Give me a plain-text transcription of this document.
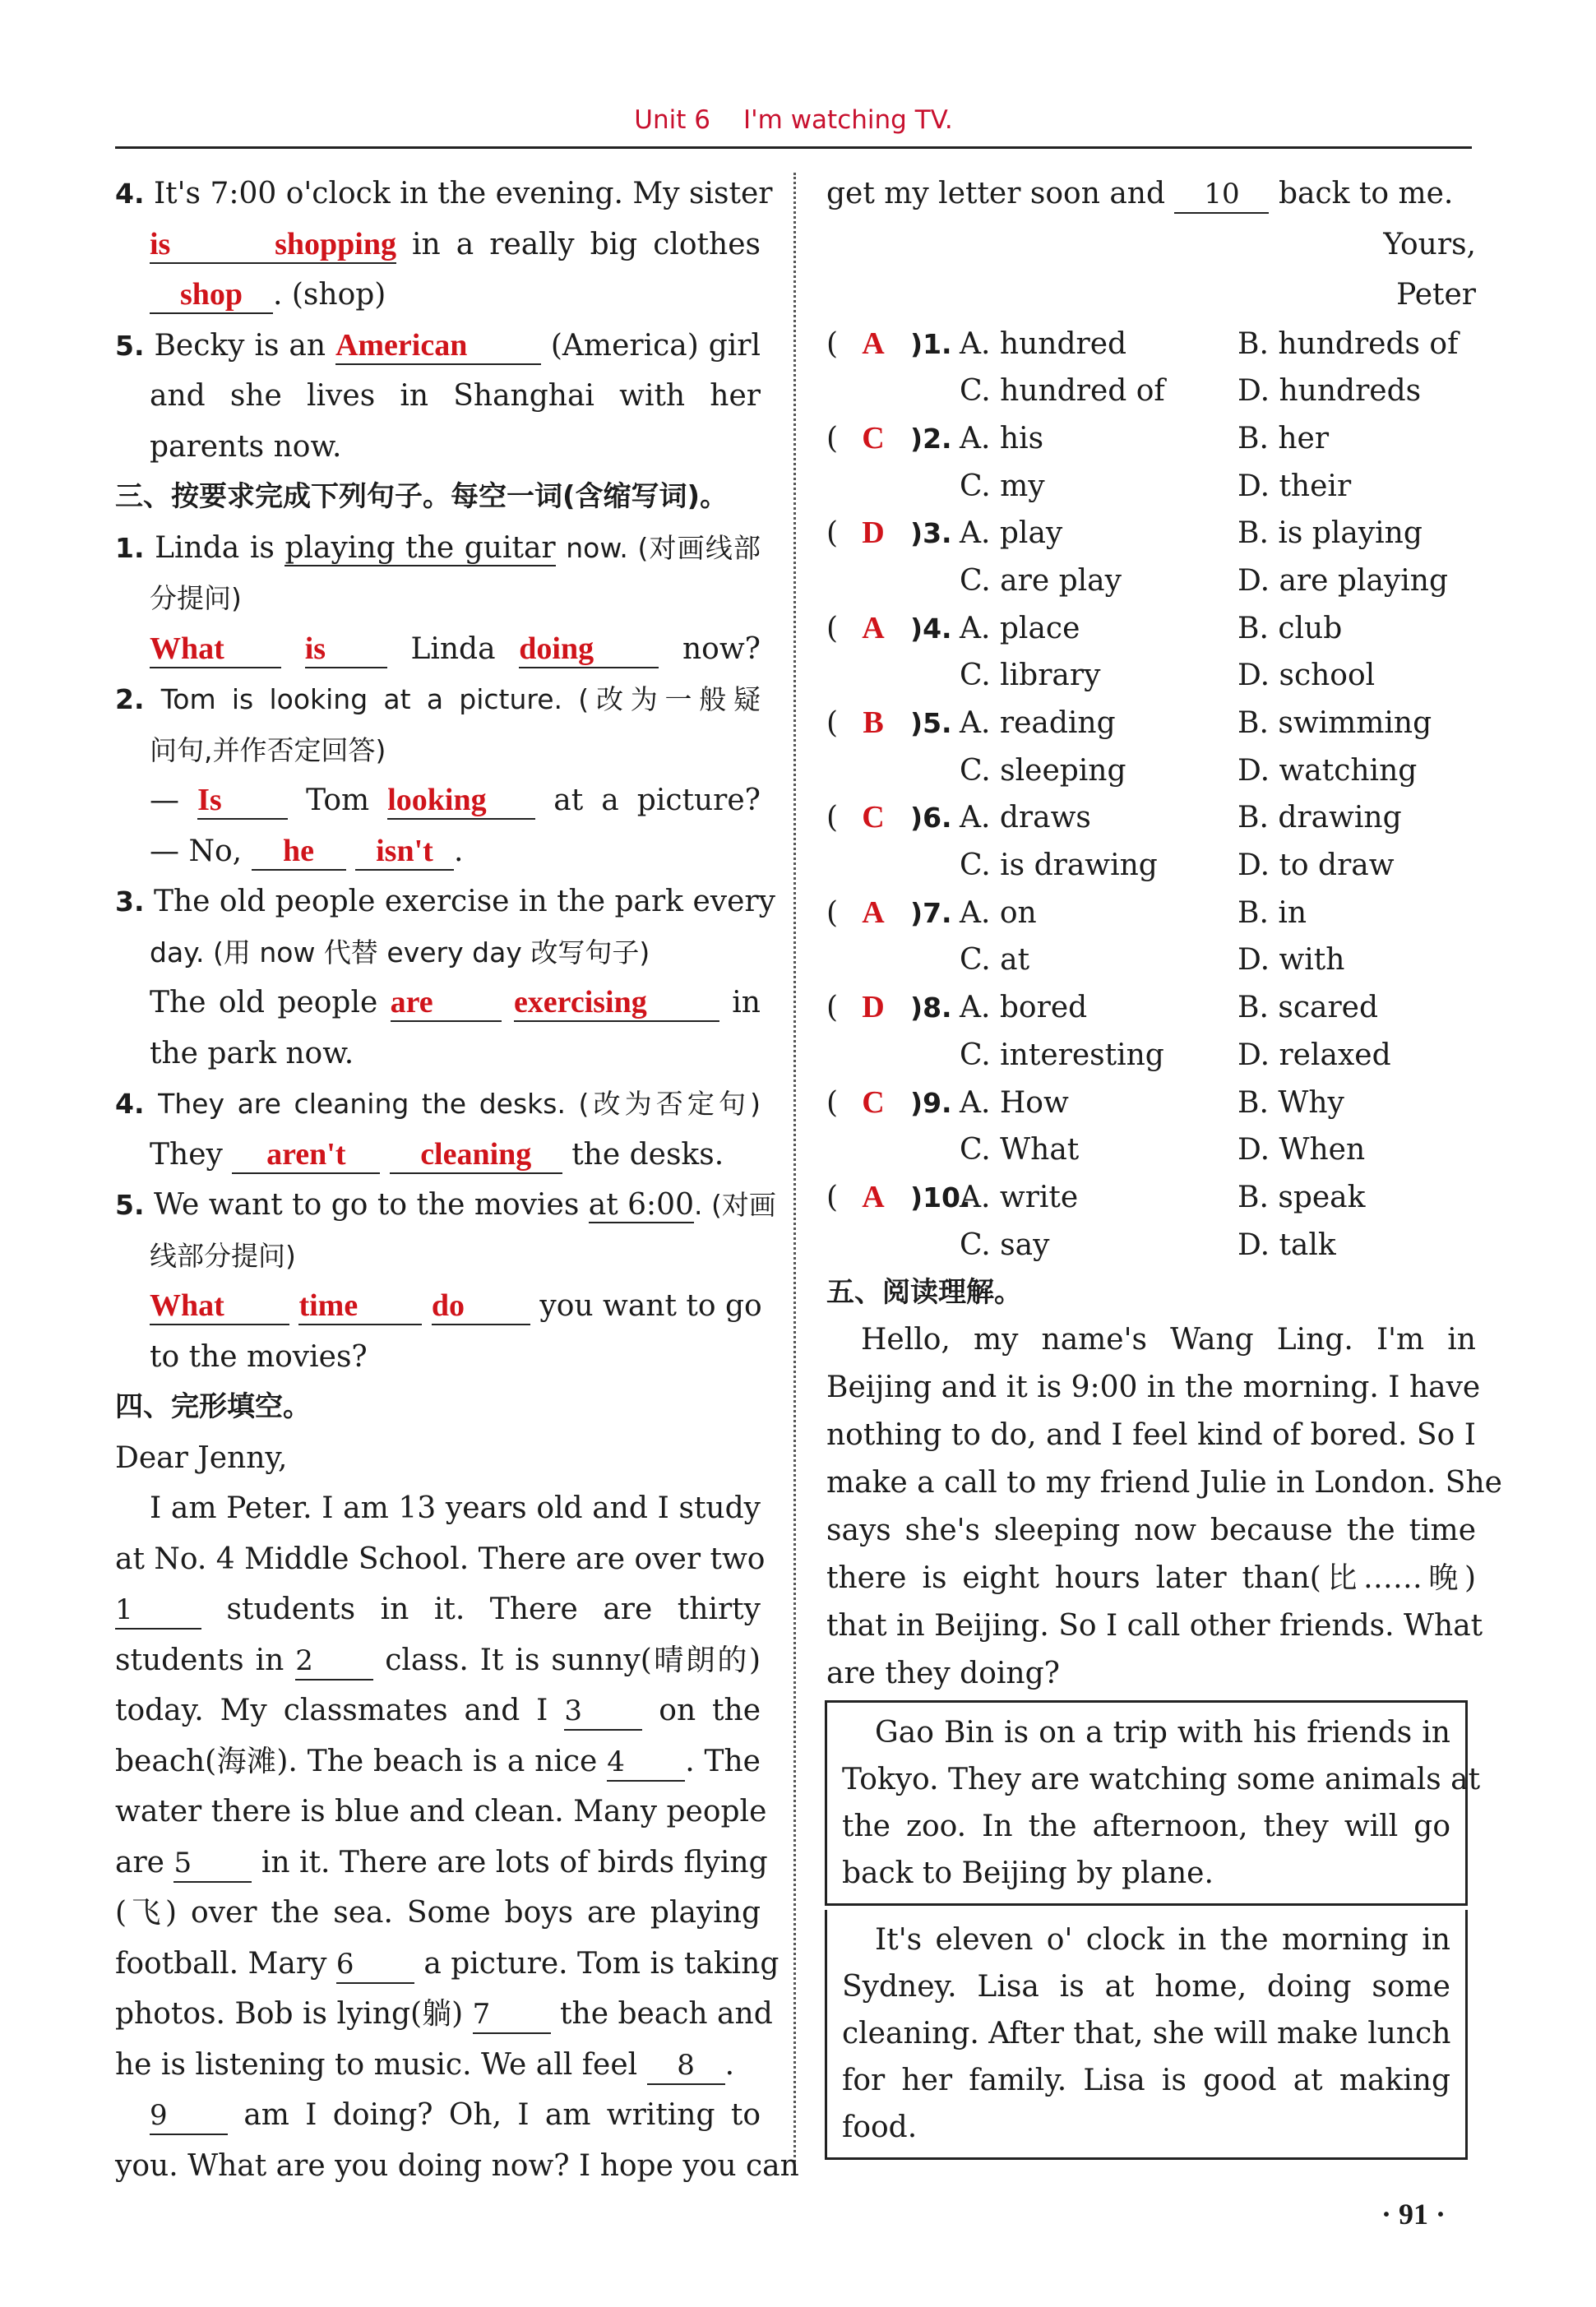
Unit 6 I'm watching TV.
4. It's 7:00 o'clock in the evening. My sister
is shopping in a really big clothes
shop . (shop)
5. Becky is an American	(America) girl
and she lives in Shanghai with her
parents now.
三、按要求完成下列句子。每空一词(含缩写词)。
1. Linda is playing the guitar now. (对画线部
分提问)
What	is	Linda doing	now?
2. Tom is looking at a picture. (改为一般疑
问句,并作否定回答)
— Is	Tom looking at a picture?
— No, he isn't .
3. The old people exercise in the park every
day. (用 now 代替 every day 改写句子)
The old people are	exercising	in
the park now.
4. They are cleaning the desks. (改为否定句)
They aren't cleaning the desks.
5. We want to go to the movies at 6:00. (对画
线部分提问)
What time do	you want to go
to the movies?
四、完形填空。
Dear Jenny,
I am Peter. I am 13 years old and I study
at No. 4 Middle School. There are over two
1	students in it. There are thirty
students in 2 class. It is sunny(晴朗的)
today. My classmates and I 3	on the
beach(海滩). The beach is a nice 4 . The
water there is blue and clean. Many people
are 5 in it. There are lots of birds flying
(飞) over the sea. Some boys are playing
football. Mary 6 a picture. Tom is taking
photos. Bob is lying(躺) 7 the beach and
he is listening to music. We all feel 8 .
9	am I doing? Oh, I am writing to
you. What are you doing now? I hope you can
get my letter soon and 10 back to me.
Yours,
Peter
( A )1. A. hundred	B. hundreds of
C. hundred of D. hundreds
( C )2. A. his	B. her
C. my	D. their
( D )3. A. play	B. is playing
C. are play	D. are playing
( A )4. A. place	B. club
C. library	D. school
( B )5. A. reading	B. swimming
C. sleeping	D. watching
( C )6. A. draws	B. drawing
C. is drawing	D. to draw
( A )7. A. on	B. in
C. at	D. with
( D )8. A. bored	B. scared
C. interesting D. relaxed
( C )9. A. How	B. Why
C. What	D. When
( A )10.
A. write	B. speak
C. say	D. talk
五、阅读理解。
Hello, my name's Wang Ling. I'm in
Beijing and it is 9:00 in the morning. I have
nothing to do, and I feel kind of bored. So I
make a call to my friend Julie in London. She
says she's sleeping now because the time
there is eight hours later than(比……晚)
that in Beijing. So I call other friends. What
are they doing?
Gao Bin is on a trip with his friends in
Tokyo. They are watching some animals at
the zoo. In the afternoon, they will go
back to Beijing by plane.
It's eleven o' clock in the morning in
Sydney. Lisa is at home, doing some
cleaning. After that, she will make lunch
for her family. Lisa is good at making
food.
· 91 ·
